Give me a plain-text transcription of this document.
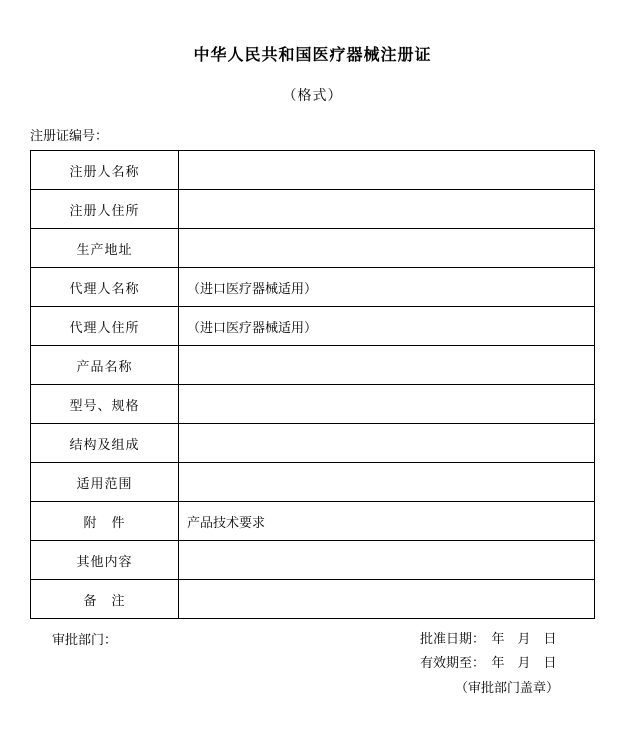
中华人民共和国医疗器械注册证
（格式）
注册证编号：
注册人名称	
注册人住所	
生产地址	
代理人名称	（进口医疗器械适用）
代理人住所	（进口医疗器械适用）
产品名称	
型号、规格	
结构及组成	
适用范围	
附　件	产品技术要求
其他内容	
备　注	
审批部门：	批准日期：　年　月　日
有效期至：　年　月　日
（审批部门盖章）
